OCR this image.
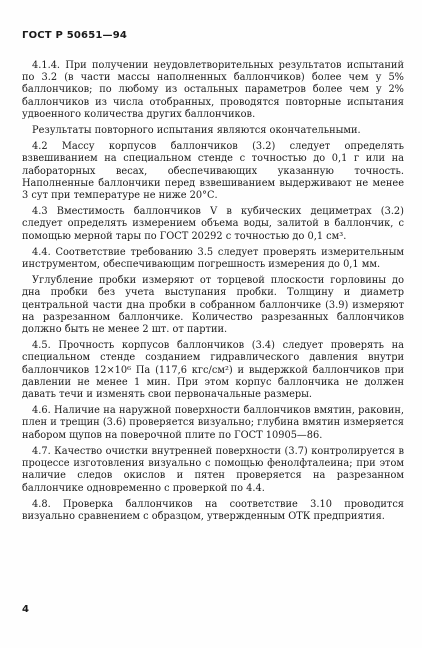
ГОСТ Р 50651—94

4.1.4. При получении неудовлетворительных результатов испытаний по 3.2 (в части массы наполненных баллончиков) более чем у 5% баллончиков; по любому из остальных параметров более чем у 2% баллончиков из числа отобранных, проводятся повторные испытания удвоенного количества других баллончиков.

Результаты повторного испытания являются окончательными.

4.2 Массу корпусов баллончиков (3.2) следует определять взвешиванием на специальном стенде с точностью до 0,1 г или на лабораторных весах, обеспечивающих указанную точность. Наполненные баллончики перед взвешиванием выдерживают не менее 3 сут при температуре не ниже 20°С.

4.3 Вместимость баллончиков V в кубических дециметрах (3.2) следует определять измерением объема воды, залитой в баллончик, с помощью мерной тары по ГОСТ 20292 с точностью до 0,1 см³.

4.4. Соответствие требованию 3.5 следует проверять измерительным инструментом, обеспечивающим погрешность измерения до 0,1 мм.

Углубление пробки измеряют от торцевой плоскости горловины до дна пробки без учета выступания пробки. Толщину и диаметр центральной части дна пробки в собранном баллончике (3.9) измеряют на разрезанном баллончике. Количество разрезанных баллончиков должно быть не менее 2 шт. от партии.

4.5. Прочность корпусов баллончиков (3.4) следует проверять на специальном стенде созданием гидравлического давления внутри баллончиков 12×10⁶ Па (117,6 кгс/см²) и выдержкой баллончиков при давлении не менее 1 мин. При этом корпус баллончика не должен давать течи и изменять свои первоначальные размеры.

4.6. Наличие на наружной поверхности баллончиков вмятин, раковин, плен и трещин (3.6) проверяется визуально; глубина вмятин измеряется набором щупов на поверочной плите по ГОСТ 10905—86.

4.7. Качество очистки внутренней поверхности (3.7) контролируется в процессе изготовления визуально с помощью фенолфталеина; при этом наличие следов окислов и пятен проверяется на разрезанном баллончике одновременно с проверкой по 4.4.

4.8. Проверка баллончиков на соответствие 3.10 проводится визуально сравнением с образцом, утвержденным ОТК предприятия.

4
